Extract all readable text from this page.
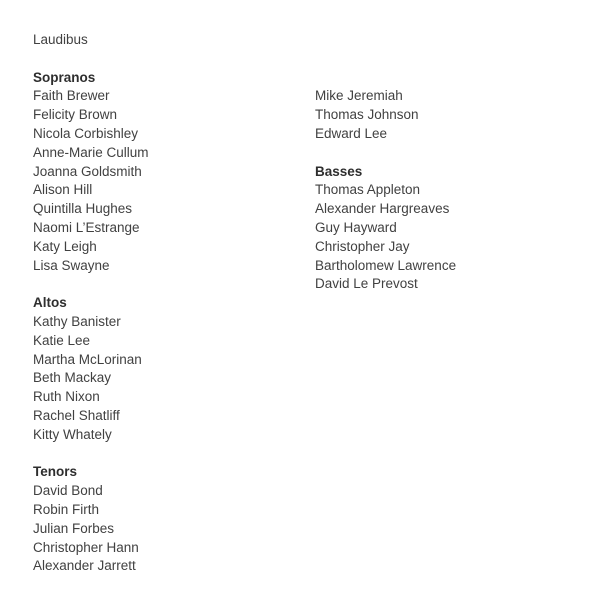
Laudibus
Sopranos
Faith Brewer
Felicity Brown
Nicola Corbishley
Anne-Marie Cullum
Joanna Goldsmith
Alison Hill
Quintilla Hughes
Naomi L’Estrange
Katy Leigh
Lisa Swayne
Altos
Kathy Banister
Katie Lee
Martha McLorinan
Beth Mackay
Ruth Nixon
Rachel Shatliff
Kitty Whately
Tenors
David Bond
Robin Firth
Julian Forbes
Christopher Hann
Alexander Jarrett
Mike Jeremiah
Thomas Johnson
Edward Lee
Basses
Thomas Appleton
Alexander Hargreaves
Guy Hayward
Christopher Jay
Bartholomew Lawrence
David Le Prevost
